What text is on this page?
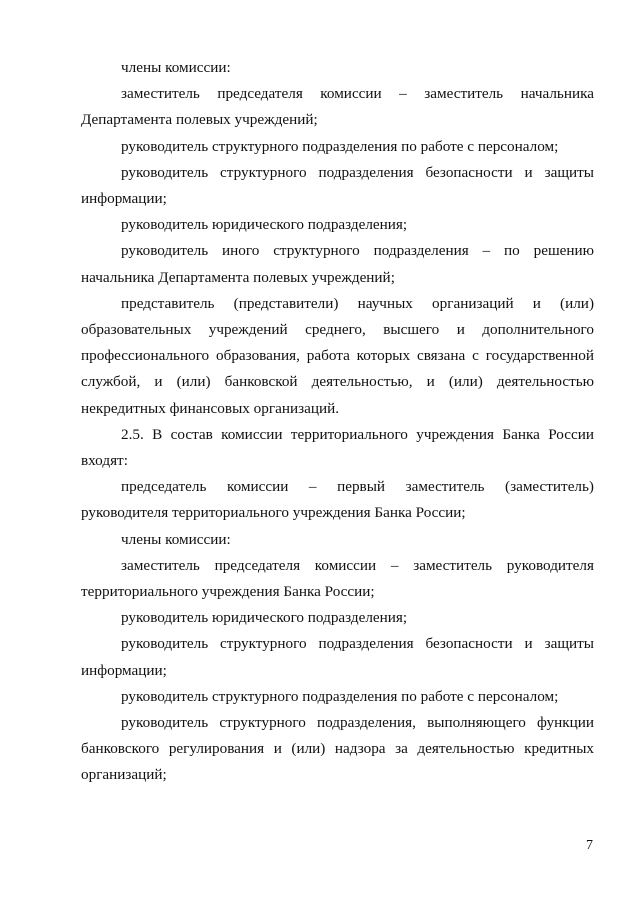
члены комиссии:

заместитель председателя комиссии – заместитель начальника Департамента полевых учреждений;

руководитель структурного подразделения по работе с персоналом;

руководитель структурного подразделения безопасности и защиты информации;

руководитель юридического подразделения;

руководитель иного структурного подразделения – по решению начальника Департамента полевых учреждений;

представитель (представители) научных организаций и (или) образовательных учреждений среднего, высшего и дополнительного профессионального образования, работа которых связана с государственной службой, и (или) банковской деятельностью, и (или) деятельностью некредитных финансовых организаций.

2.5. В состав комиссии территориального учреждения Банка России входят:

председатель комиссии – первый заместитель (заместитель) руководителя территориального учреждения Банка России;

члены комиссии:

заместитель председателя комиссии – заместитель руководителя территориального учреждения Банка России;

руководитель юридического подразделения;

руководитель структурного подразделения безопасности и защиты информации;

руководитель структурного подразделения по работе с персоналом;

руководитель структурного подразделения, выполняющего функции банковского регулирования и (или) надзора за деятельностью кредитных организаций;

7
